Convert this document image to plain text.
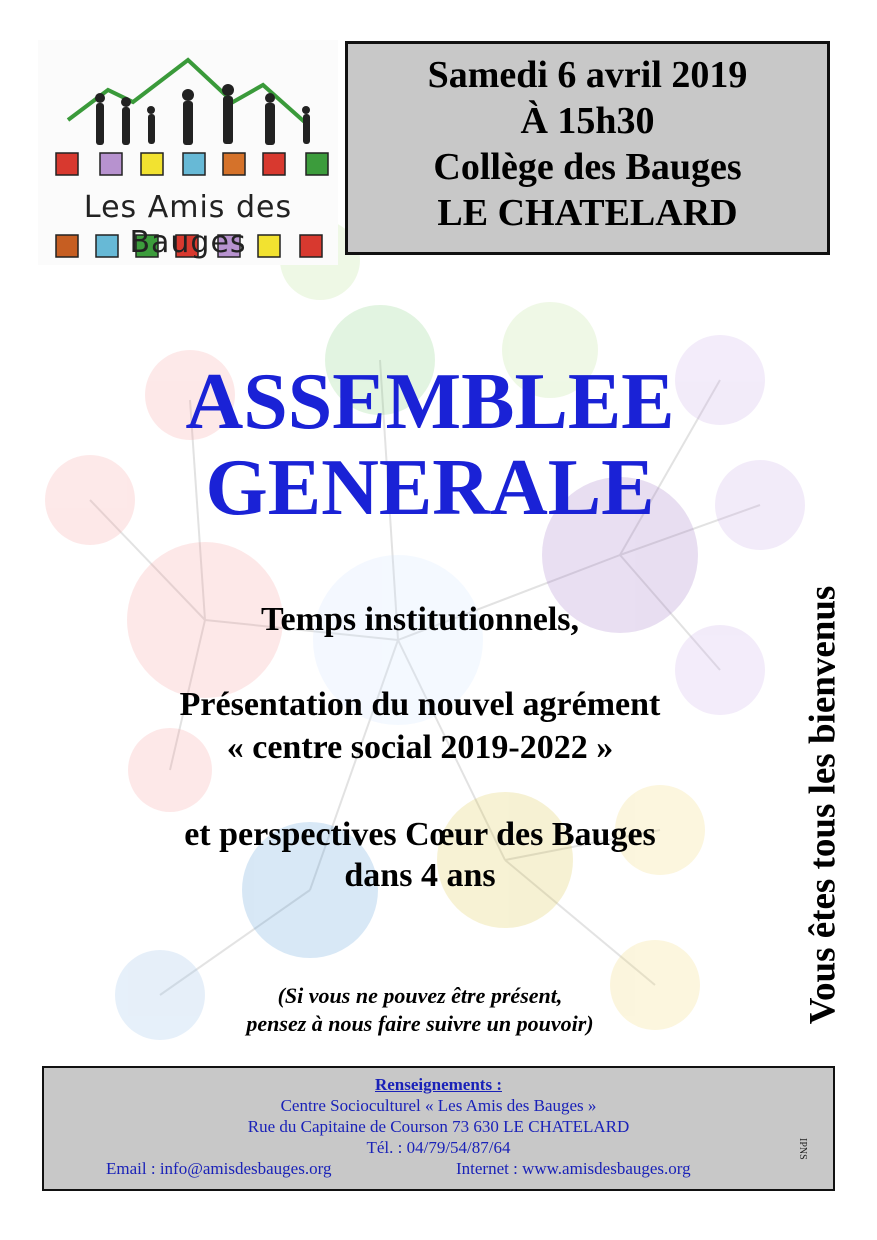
Les Amis des Bauges
Samedi 6 avril 2019
À 15h30
Collège des Bauges
LE CHATELARD
ASSEMBLEE
GENERALE
Temps institutionnels,
Présentation du nouvel agrément
« centre social 2019-2022 »
et perspectives Cœur des Bauges
dans 4 ans
(Si vous ne pouvez être présent,
pensez à nous faire suivre un pouvoir)	Vous êtes tous les bienvenus
Renseignements :
Centre Socioculturel « Les Amis des Bauges »
Rue du Capitaine de Courson 73 630 LE CHATELARD
Tél. : 04/79/54/87/64
Email : info@amisdesbauges.org	Internet : www.amisdesbauges.org
IPNS
